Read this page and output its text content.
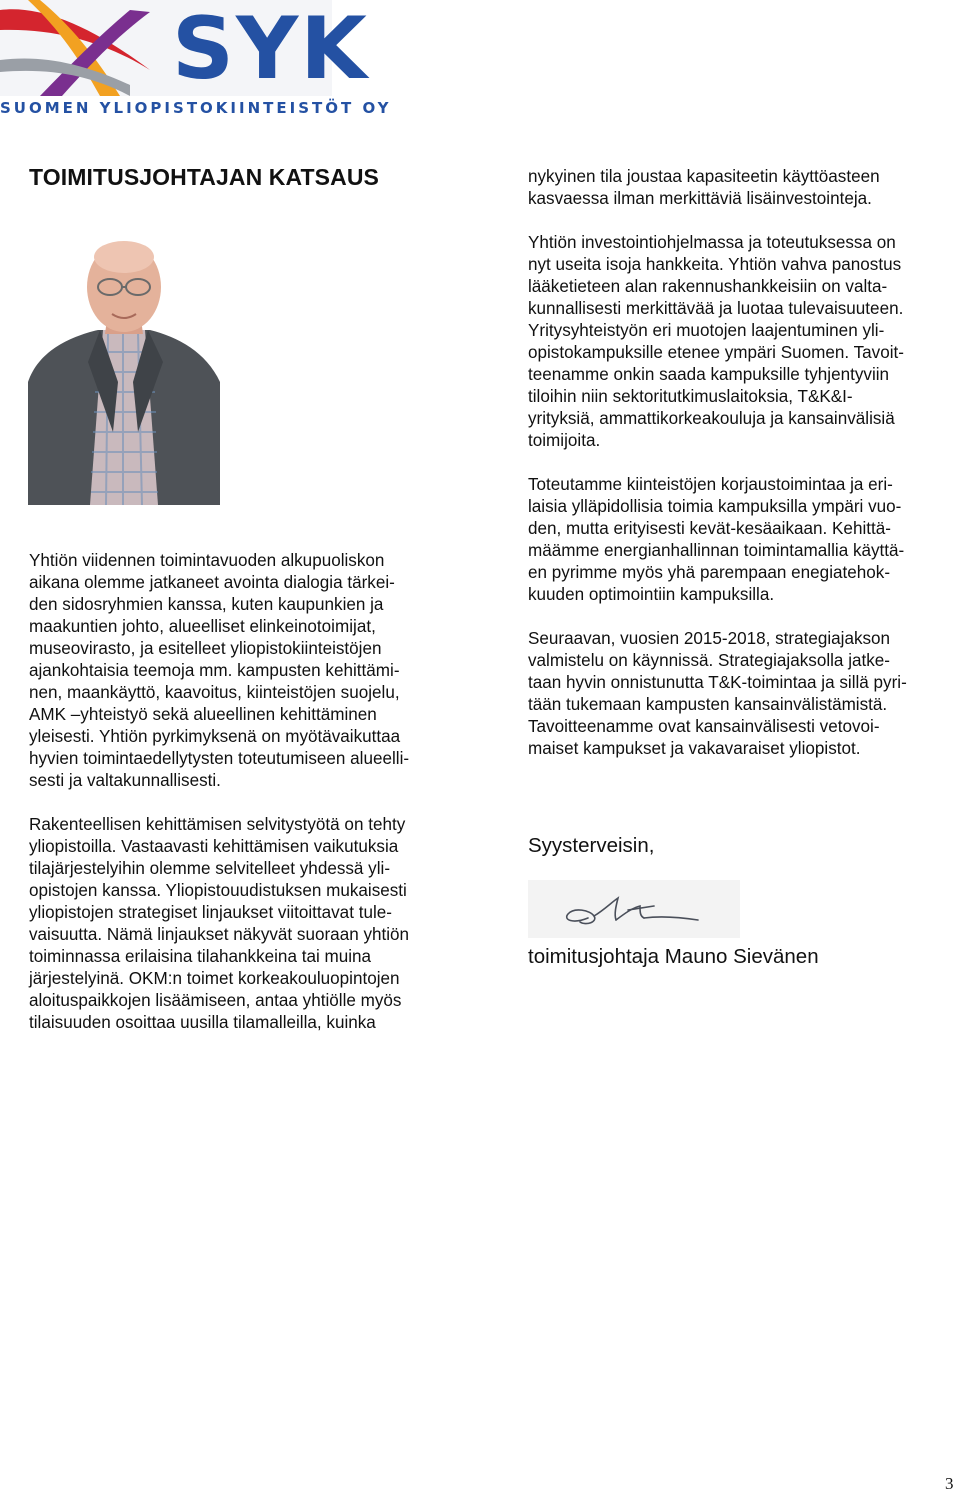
SYK
SUOMEN YLIOPISTOKIINTEISTÖT OY
TOIMITUSJOHTAJAN KATSAUS

Yhtiön viidennen toimintavuoden alkupuoliskon
aikana olemme jatkaneet avointa dialogia tärkei-
den sidosryhmien kanssa, kuten kaupunkien ja
maakuntien johto, alueelliset elinkeinotoimijat,
museovirasto, ja esitelleet yliopistokiinteistöjen
ajankohtaisia teemoja mm. kampusten kehittämi-
nen, maankäyttö, kaavoitus, kiinteistöjen suojelu,
AMK –yhteistyö sekä alueellinen kehittäminen
yleisesti. Yhtiön pyrkimyksenä on myötävaikuttaa
hyvien toimintaedellytysten toteutumiseen alueelli-
sesti ja valtakunnallisesti.

Rakenteellisen kehittämisen selvitystyötä on tehty
yliopistoilla. Vastaavasti kehittämisen vaikutuksia
tilajärjestelyihin olemme selvitelleet yhdessä yli-
opistojen kanssa. Yliopistouudistuksen mukaisesti
yliopistojen strategiset linjaukset viitoittavat tule-
vaisuutta. Nämä linjaukset näkyvät suoraan yhtiön
toiminnassa erilaisina tilahankkeina tai muina
järjestelyinä. OKM:n toimet korkeakouluopintojen
aloituspaikkojen lisäämiseen, antaa yhtiölle myös
tilaisuuden osoittaa uusilla tilamalleilla, kuinka

nykyinen tila joustaa kapasiteetin käyttöasteen
kasvaessa ilman merkittäviä lisäinvestointeja.

Yhtiön investointiohjelmassa ja toteutuksessa on
nyt useita isoja hankkeita. Yhtiön vahva panostus
lääketieteen alan rakennushankkeisiin on valta-
kunnallisesti merkittävää ja luotaa tulevaisuuteen.
Yritysyhteistyön eri muotojen laajentuminen yli-
opistokampuksille etenee ympäri Suomen. Tavoit-
teenamme onkin saada kampuksille tyhjentyviin
tiloihin niin sektoritutkimuslaitoksia, T&K&I-
yrityksiä, ammattikorkeakouluja ja kansainvälisiä
toimijoita.

Toteutamme kiinteistöjen korjaustoimintaa ja eri-
laisia ylläpidollisia toimia kampuksilla ympäri vuo-
den, mutta erityisesti kevät-kesäaikaan. Kehittä-
määmme energianhallinnan toimintamallia käyttä-
en pyrimme myös yhä parempaan enegiatehok-
kuuden optimointiin kampuksilla.

Seuraavan, vuosien 2015-2018, strategiajakson
valmistelu on käynnissä. Strategiajaksolla jatke-
taan hyvin onnistunutta T&K-toimintaa ja sillä pyri-
tään tukemaan kampusten kansainvälistämistä.
Tavoitteenamme ovat kansainvälisesti vetovoi-
maiset kampukset ja vakavaraiset yliopistot.

Syysterveisin,
toimitusjohtaja Mauno Sievänen
3
